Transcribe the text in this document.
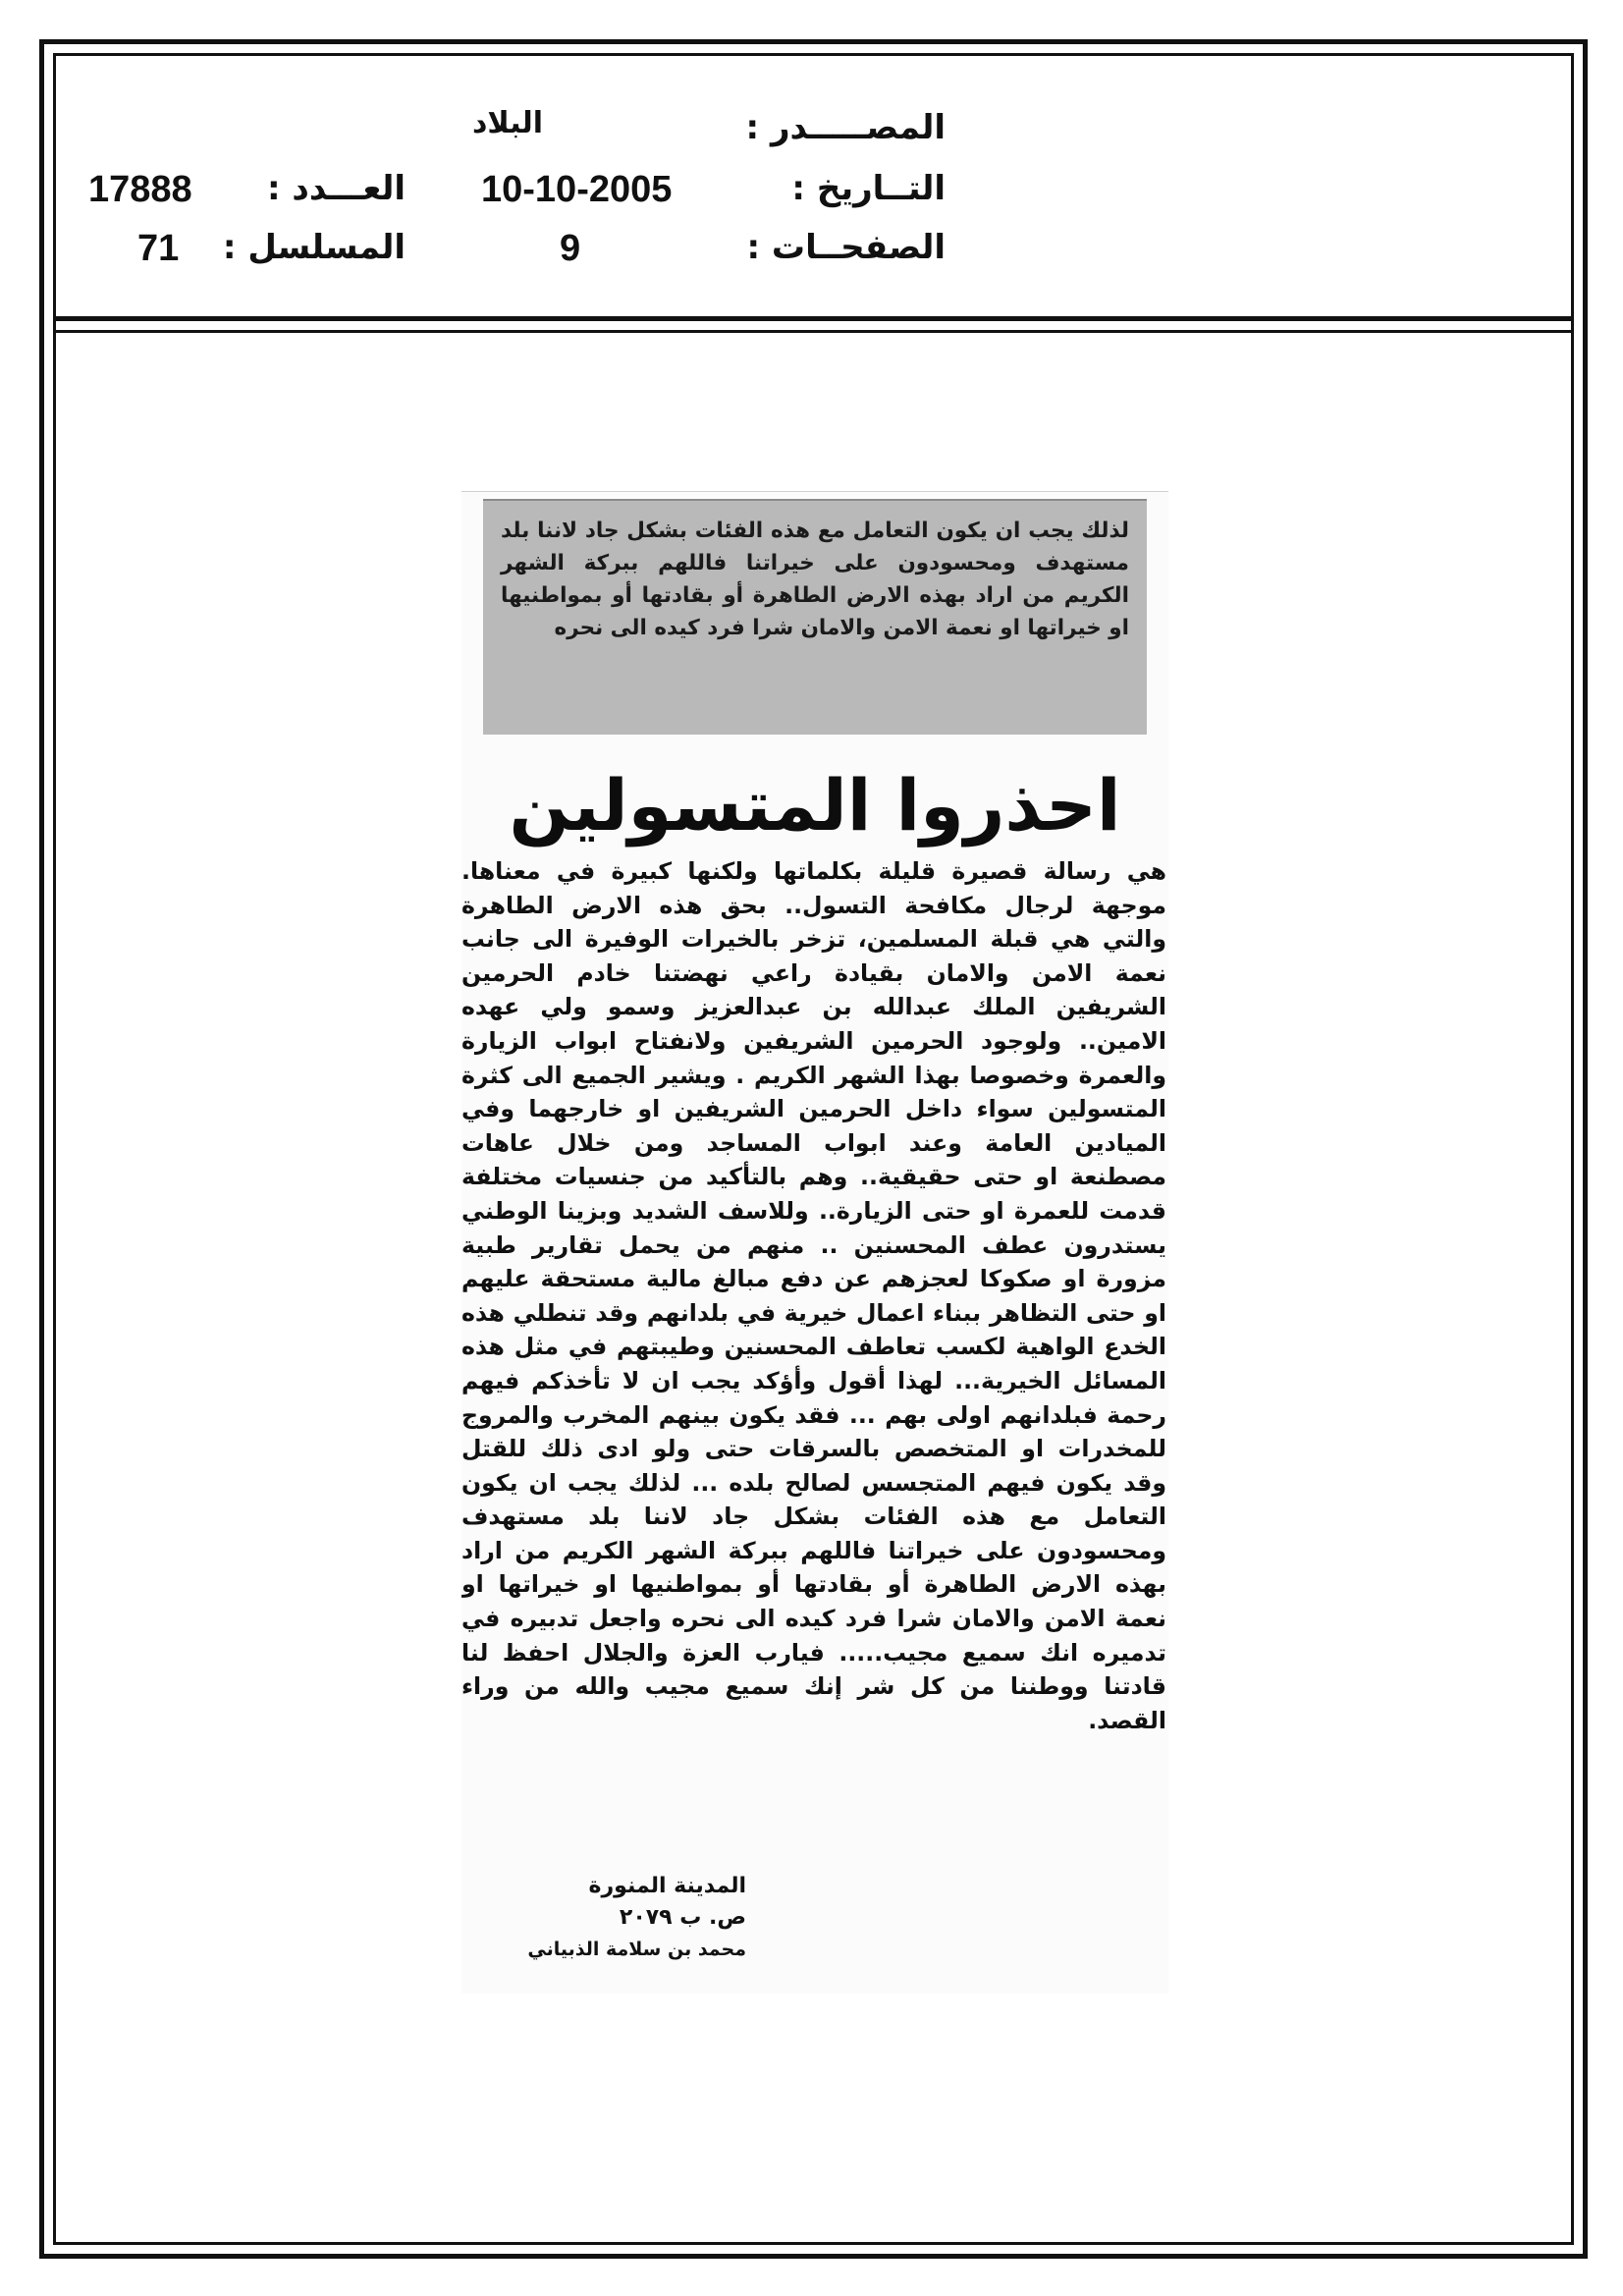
المصـــــدر :
البلاد
التــاريخ :
10-10-2005
الصفحــات :
9
العـــدد :
17888
المسلسل :
71
لذلك يجب ان يكون التعامل مع هذه الفئات بشكل جاد لاننا بلد مستهدف ومحسودون على خيراتنا فاللهم ببركة الشهر الكريم من اراد بهذه الارض الطاهرة أو بقادتها أو بمواطنيها او خيراتها او نعمة الامن والامان شرا فرد كيده الى نحره
احذروا المتسولين
هي رسالة قصيرة قليلة بكلماتها ولكنها كبيرة في معناها. موجهة لرجال مكافحة التسول.. بحق هذه الارض الطاهرة والتي هي قبلة المسلمين، تزخر بالخيرات الوفيرة الى جانب نعمة الامن والامان بقيادة راعي نهضتنا خادم الحرمين الشريفين الملك عبدالله بن عبدالعزيز وسمو ولي عهده الامين.. ولوجود الحرمين الشريفين ولانفتاح ابواب الزيارة والعمرة وخصوصا بهذا الشهر الكريم . ويشير الجميع الى كثرة المتسولين سواء داخل الحرمين الشريفين او خارجهما وفي الميادين العامة وعند ابواب المساجد ومن خلال عاهات مصطنعة او حتى حقيقية.. وهم بالتأكيد من جنسيات مختلفة قدمت للعمرة او حتى الزيارة.. وللاسف الشديد وبزينا الوطني يستدرون عطف المحسنين .. منهم من يحمل تقارير طبية مزورة او صكوكا لعجزهم عن دفع مبالغ مالية مستحقة عليهم او حتى التظاهر ببناء اعمال خيرية في بلدانهم وقد تنطلي هذه الخدع الواهية لكسب تعاطف المحسنين وطيبتهم في مثل هذه المسائل الخيرية... لهذا أقول وأؤكد يجب ان لا تأخذكم فيهم رحمة فبلدانهم اولى بهم ... فقد يكون بينهم المخرب والمروج للمخدرات او المتخصص بالسرقات حتى ولو ادى ذلك للقتل وقد يكون فيهم المتجسس لصالح بلده ... لذلك يجب ان يكون التعامل مع هذه الفئات بشكل جاد لاننا بلد مستهدف ومحسودون على خيراتنا فاللهم ببركة الشهر الكريم من اراد بهذه الارض الطاهرة أو بقادتها أو بمواطنيها او خيراتها او نعمة الامن والامان شرا فرد كيده الى نحره واجعل تدبيره في تدميره انك سميع مجيب..... فيارب العزة والجلال احفظ لنا قادتنا ووطننا من كل شر إنك سميع مجيب والله من وراء القصد.
المدينة المنورة
ص. ب ٢٠٧٩
محمد بن سلامة الذبياني
